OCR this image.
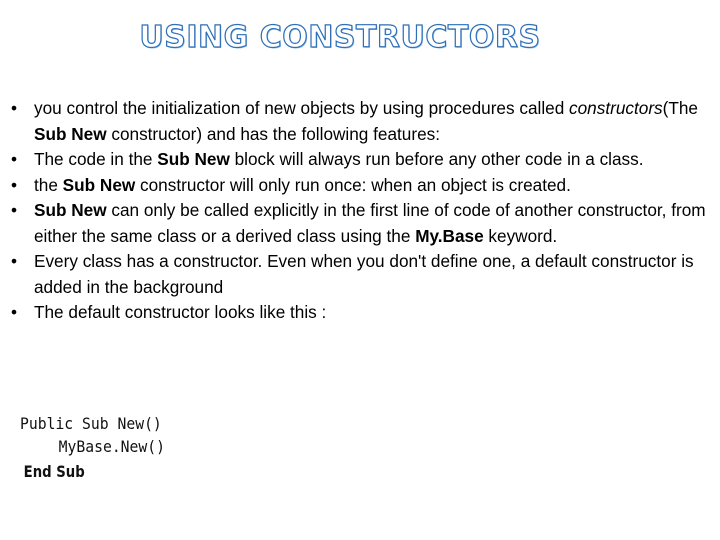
USING CONSTRUCTORS
• you control the initialization of new objects by using procedures called constructors(The Sub New constructor) and has the following features:
• The code in the Sub New block will always run before any other code in a class.
• the Sub New constructor will only run once: when an object is created.
• Sub New can only be called explicitly in the first line of code of another constructor, from either the same class or a derived class using the My.Base keyword.
• Every class has a constructor. Even when you don't define one, a default constructor is added in the background
• The default constructor looks like this :
Public Sub New()
MyBase.New()
End Sub
